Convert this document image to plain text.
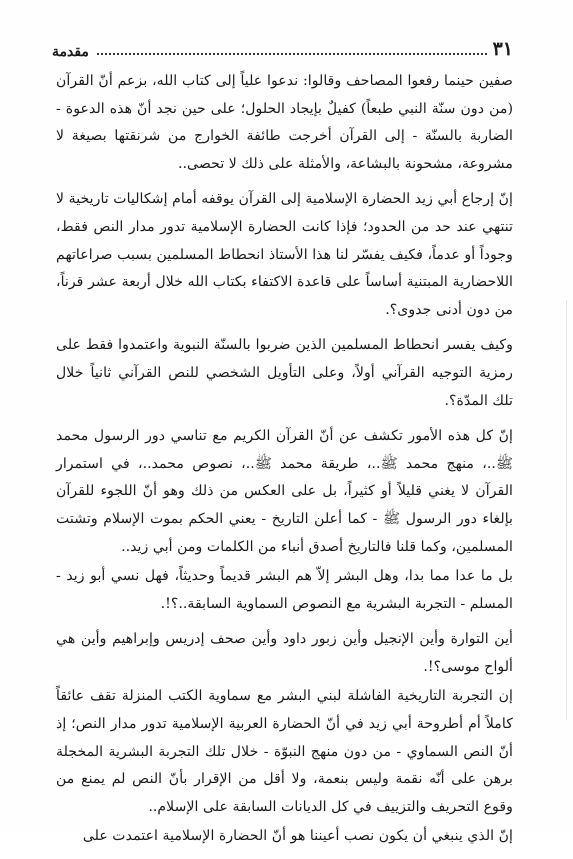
٣١
مقدمة

صفين حينما رفعوا المصاحف وقالوا: ندعوا علياً إلى كتاب الله، بزعم أنّ القرآن (من دون سنّة النبي طبعاً) كفيلٌ بإيجاد الحلول؛ على حين نجد أنّ هذه الدعوة - الضاربة بالسنّة - إلى القرآن أخرجت طائفة الخوارج من شرنقتها بصيغة لا مشروعة، مشحونة بالبشاعة، والأمثلة على ذلك لا تحصى..

إنّ إرجاع أبي زيد الحضارة الإسلامية إلى القرآن يوقفه أمام إشكاليات تاريخية لا تنتهي عند حد من الحدود؛ فإذا كانت الحضارة الإسلامية تدور مدار النص فقط، وجوداً أو عدماً، فكيف يفسّر لنا هذا الأستاذ انحطاط المسلمين بسبب صراعاتهم اللاحضارية المبتنية أساساً على قاعدة الاكتفاء بكتاب الله خلال أربعة عشر قرناً، من دون أدنى جدوى؟.

وكيف يفسر انحطاط المسلمين الذين ضربوا بالسنّة النبوية واعتمدوا فقط على رمزية التوجيه القرآني أولاً، وعلى التأويل الشخصي للنص القرآني ثانياً خلال تلك المدّة؟.

إنّ كل هذه الأمور تكشف عن أنّ القرآن الكريم مع تناسي دور الرسول محمد ﷺ..، منهج محمد ﷺ..، طريقة محمد ﷺ..، نصوص محمد..، في استمرار القرآن لا يغني قليلاً أو كثيراً، بل على العكس من ذلك وهو أنّ اللجوء للقرآن بإلغاء دور الرسول ﷺ - كما أعلن التاريخ - يعني الحكم بموت الإسلام وتشتت المسلمين، وكما قلنا فالتاريخ أصدق أنباء من الكلمات ومن أبي زيد..

بل ما عدا مما بدا، وهل البشر إلاّ هم البشر قديماً وحديثاً، فهل نسي أبو زيد - المسلم - التجربة البشرية مع النصوص السماوية السابقة..؟!.

أين التوارة وأين الإنجيل وأين زبور داود وأين صحف إدريس وإبراهيم وأين هي ألواح موسى؟!.

إن التجربة التاريخية الفاشلة لبني البشر مع سماوية الكتب المنزلة تقف عائقاً كاملاً أم أطروحة أبي زيد في أنّ الحضارة العربية الإسلامية تدور مدار النص؛ إذ أنّ النص السماوي - من دون منهج النبوّة - خلال تلك التجربة البشرية المخجلة برهن على أنّه نقمة وليس بنعمة، ولا أقل من الإقرار بأنّ النص لم يمنع من وقوع التحريف والتزييف في كل الديانات السابقة على الإسلام..

إنّ الذي ينبغي أن يكون نصب أعيننا هو أنّ الحضارة الإسلامية اعتمدت على
